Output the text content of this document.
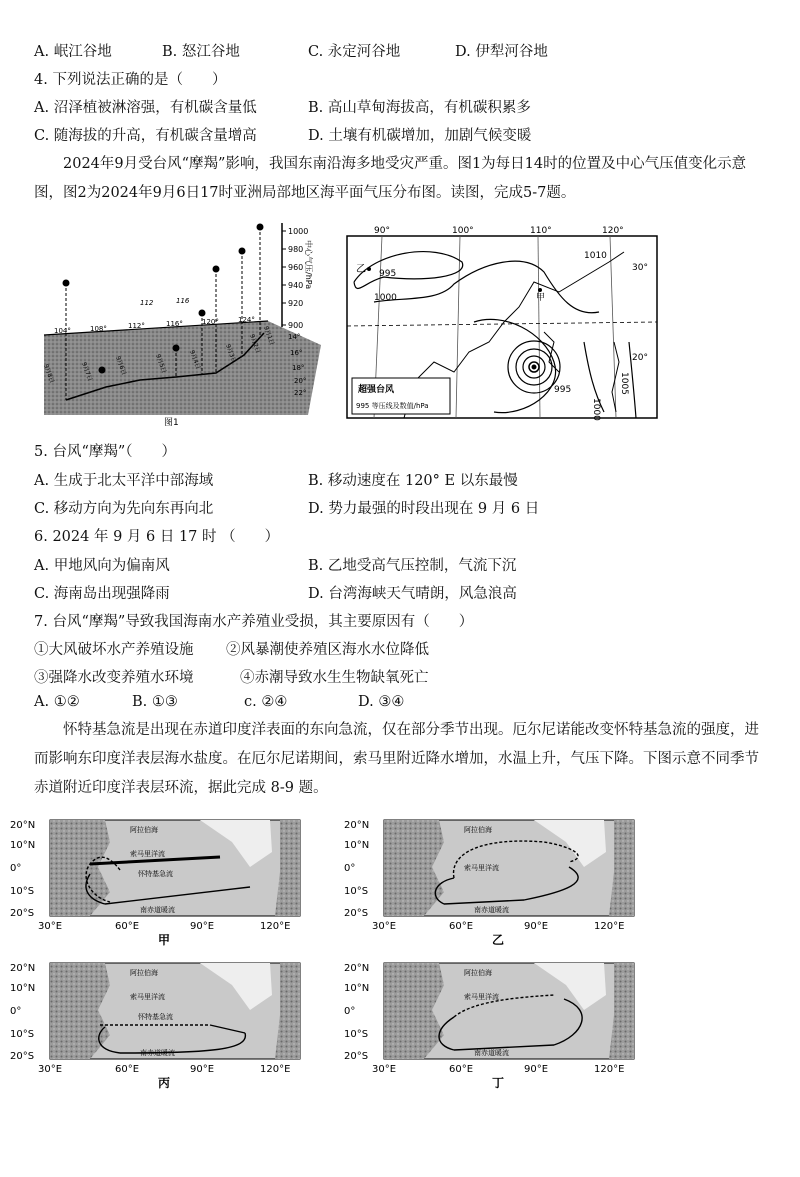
A. 岷江谷地	B. 怒江谷地	C. 永定河谷地	D. 伊犁河谷地
4. 下列说法正确的是（　　）
A. 沼泽植被淋溶强，有机碳含量低	B. 高山草甸海拔高，有机碳积累多
C. 随海拔的升高，有机碳含量增高	D. 土壤有机碳增加，加剧气候变暖
2024年9月受台风“摩羯”影响，我国东南沿海多地受灾严重。图1为每日14时的位置及中心气压值变化示意图，图2为2024年9月6日17时亚洲局部地区海平面气压分布图。读图，完成5-7题。
1000
980
960
940
920
900
中心气压/hPa
104°	108°	112°	116°	120°	124°
112	116
14°
16°
18°
20°
22°
9月8日	9月7日	9月6日	9月5日	9月4日	9月3日 9月2日 9月1日
图1
90°	100°	110°	120°
30°
20°
1010
995
1000
995
1000
1005
乙
甲
超强台风
995 等压线及数值/hPa
5. 台风“摩羯”（　　）
A. 生成于北太平洋中部海域	B. 移动速度在 120° E 以东最慢
C. 移动方向为先向东再向北	D. 势力最强的时段出现在 9 月 6 日
6. 2024 年 9 月 6 日 17 时 （　　）
A. 甲地风向为偏南风	B. 乙地受高气压控制，气流下沉
C. 海南岛出现强降雨	D. 台湾海峡天气晴朗，风急浪高
7. 台风“摩羯”导致我国海南水产养殖业受损，其主要原因有（　　）
①大风破坏水产养殖设施 ②风暴潮使养殖区海水水位降低
③强降水改变养殖水环境	④赤潮导致水生生物缺氧死亡
A. ①②	B. ①③	c. ②④	D. ③④
怀特基急流是出现在赤道印度洋表面的东向急流，仅在部分季节出现。厄尔尼诺能改变怀特基急流的强度，进而影响东印度洋表层海水盐度。在厄尔尼诺期间，索马里附近降水增加，水温上升，气压下降。下图示意不同季节赤道附近印度洋表层环流，据此完成 8-9 题。
20°N
10°N
0°
10°S
20°S
30°E	60°E	90°E	120°E
阿拉伯海
索马里洋流
怀特基急流
南赤道暖流
甲
20°N
10°N
0°
10°S
20°S
30°E	60°E	90°E	120°E
阿拉伯海
索马里洋流
南赤道暖流
乙
20°N
10°N
0°
10°S
20°S
30°E	60°E	90°E	120°E
阿拉伯海
索马里洋流
怀特基急流
南赤道暖流
丙
20°N
10°N
0°
10°S
20°S
30°E	60°E	90°E	120°E
阿拉伯海
索马里洋流
南赤道暖流
丁
